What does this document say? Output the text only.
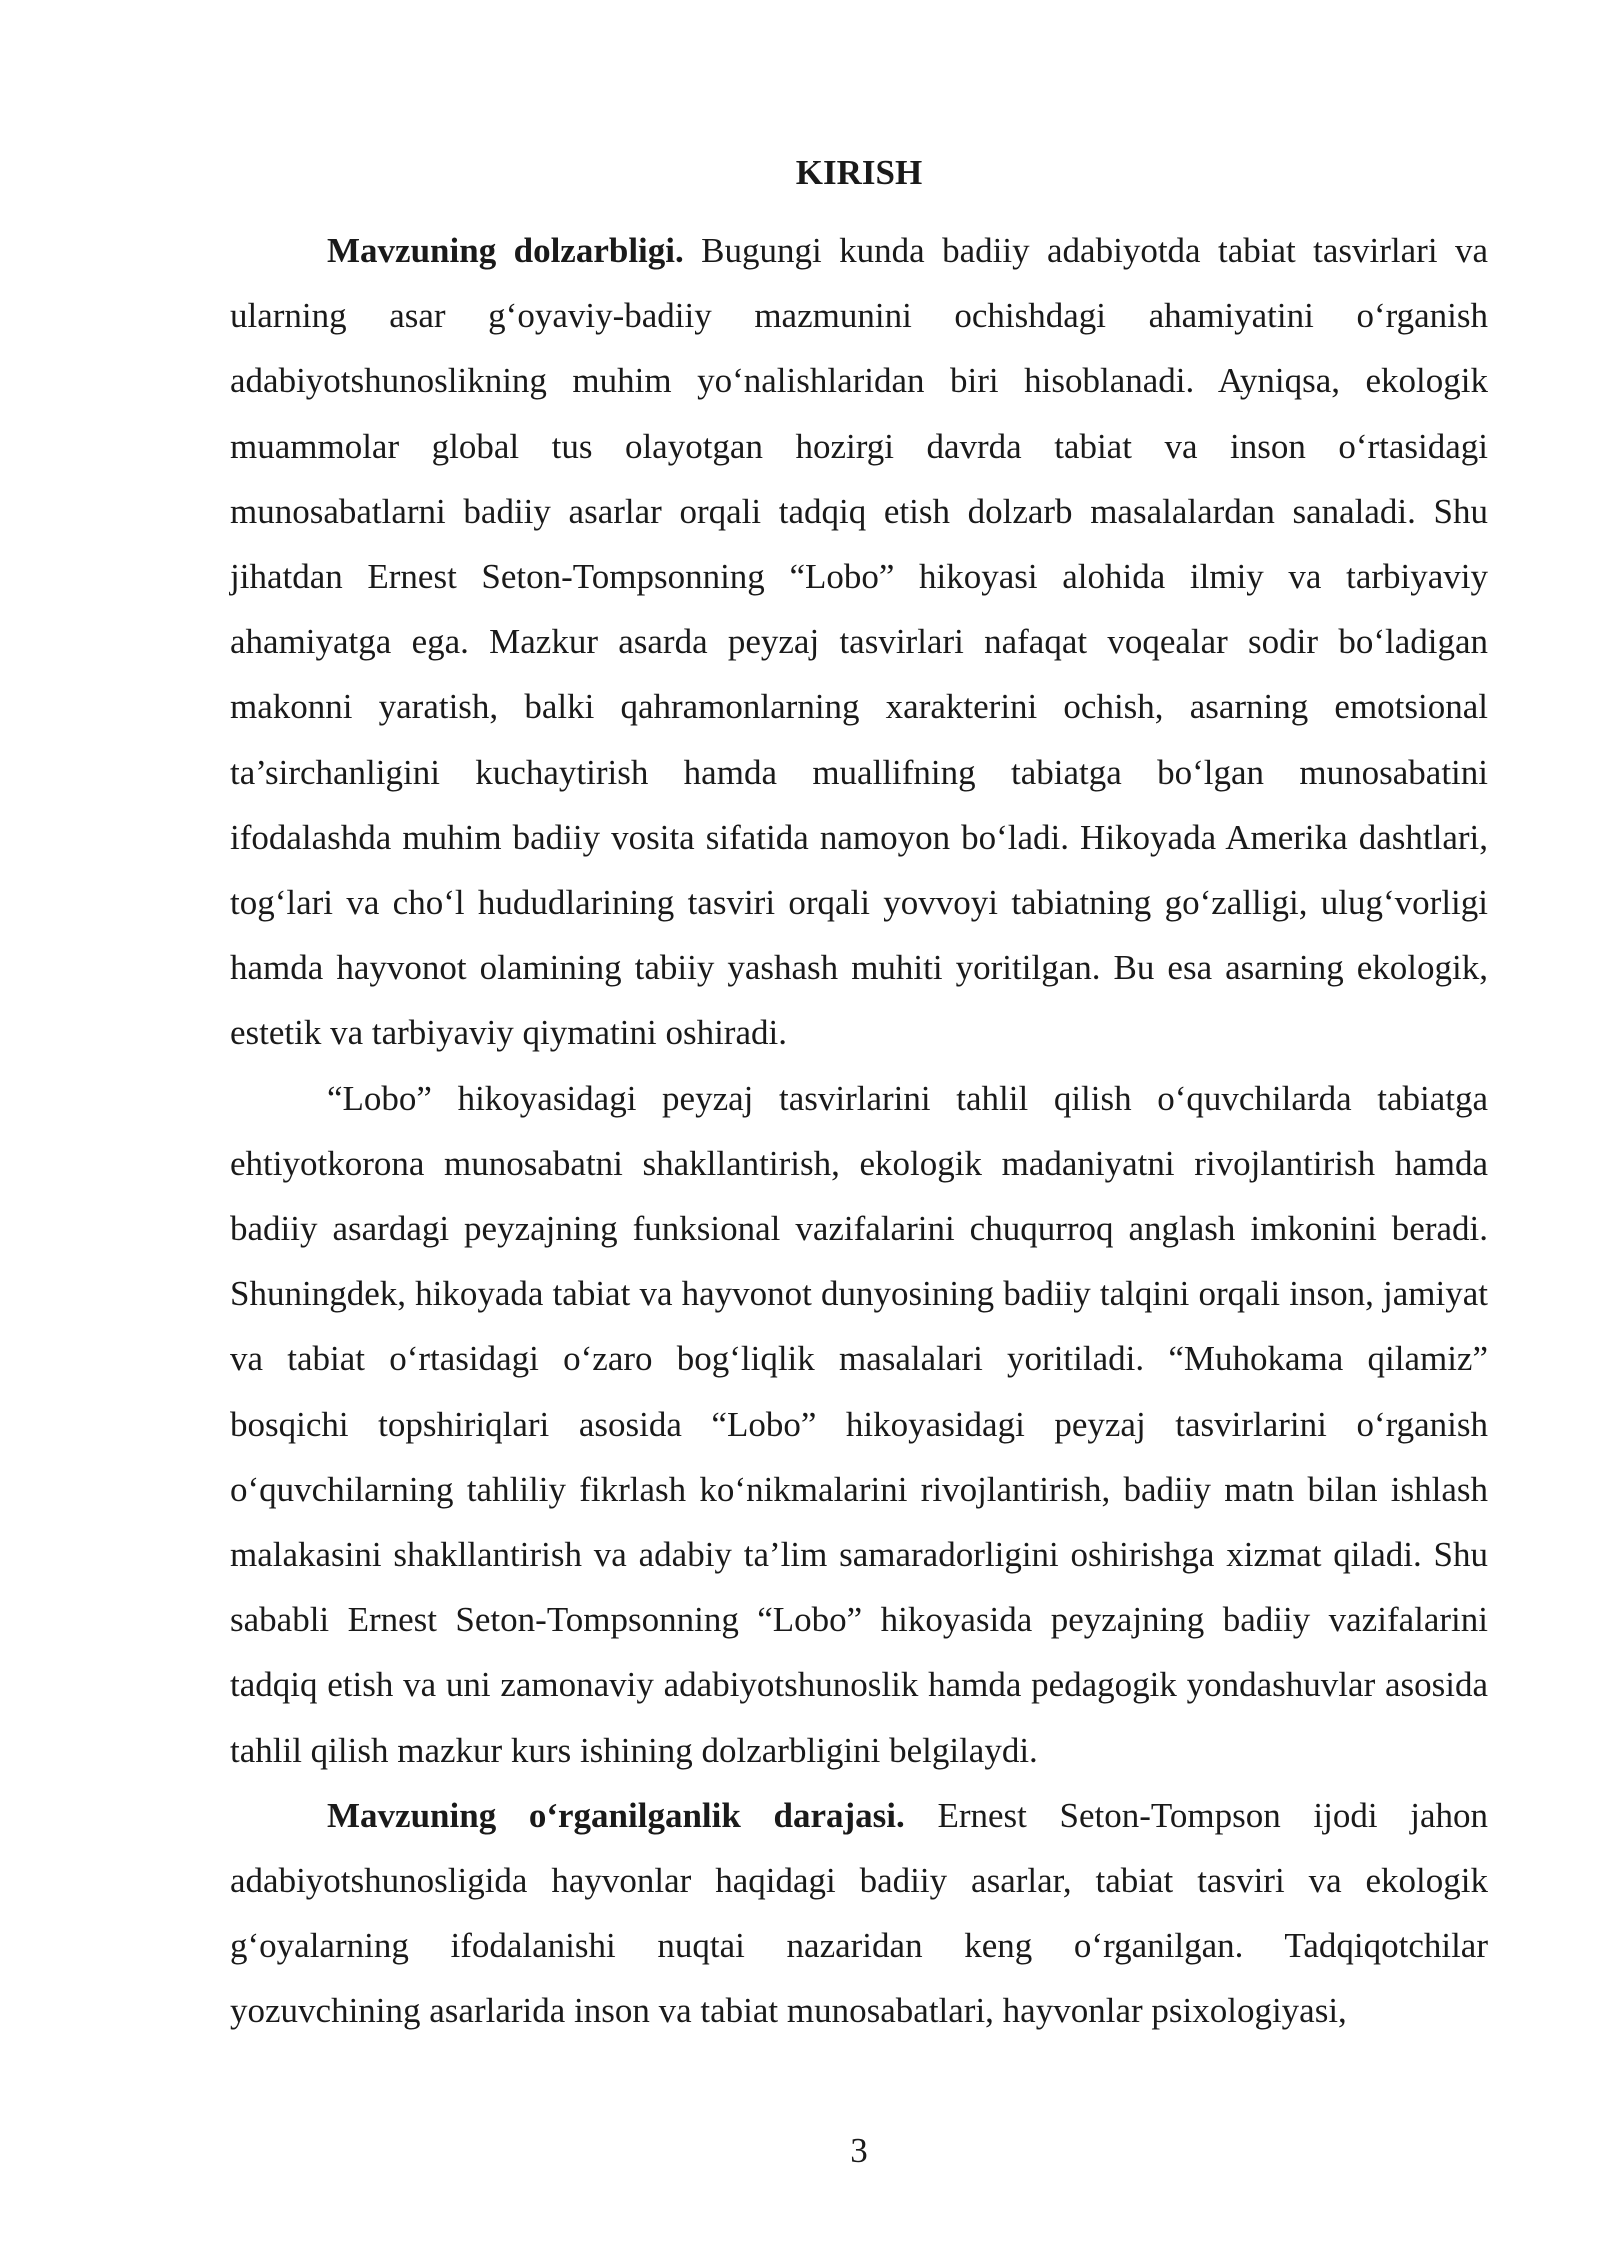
KIRISH

Mavzuning dolzarbligi. Bugungi kunda badiiy adabiyotda tabiat tasvirlari va ularning asar g‘oyaviy-badiiy mazmunini ochishdagi ahamiyatini o‘rganish adabiyotshunoslikning muhim yo‘nalishlaridan biri hisoblanadi. Ayniqsa, ekologik muammolar global tus olayotgan hozirgi davrda tabiat va inson o‘rtasidagi munosabatlarni badiiy asarlar orqali tadqiq etish dolzarb masalalardan sanaladi. Shu jihatdan Ernest Seton-Tompsonning “Lobo” hikoyasi alohida ilmiy va tarbiyaviy ahamiyatga ega. Mazkur asarda peyzaj tasvirlari nafaqat voqealar sodir bo‘ladigan makonni yaratish, balki qahramonlarning xarakterini ochish, asarning emotsional ta’sirchanligini kuchaytirish hamda muallifning tabiatga bo‘lgan munosabatini ifodalashda muhim badiiy vosita sifatida namoyon bo‘ladi. Hikoyada Amerika dashtlari, tog‘lari va cho‘l hududlarining tasviri orqali yovvoyi tabiatning go‘zalligi, ulug‘vorligi hamda hayvonot olamining tabiiy yashash muhiti yoritilgan. Bu esa asarning ekologik, estetik va tarbiyaviy qiymatini oshiradi.

“Lobo” hikoyasidagi peyzaj tasvirlarini tahlil qilish o‘quvchilarda tabiatga ehtiyotkorona munosabatni shakllantirish, ekologik madaniyatni rivojlantirish hamda badiiy asardagi peyzajning funksional vazifalarini chuqurroq anglash imkonini beradi. Shuningdek, hikoyada tabiat va hayvonot dunyosining badiiy talqini orqali inson, jamiyat va tabiat o‘rtasidagi o‘zaro bog‘liqlik masalalari yoritiladi. “Muhokama qilamiz” bosqichi topshiriqlari asosida “Lobo” hikoyasidagi peyzaj tasvirlarini o‘rganish o‘quvchilarning tahliliy fikrlash ko‘nikmalarini rivojlantirish, badiiy matn bilan ishlash malakasini shakllantirish va adabiy ta’lim samaradorligini oshirishga xizmat qiladi. Shu sababli Ernest Seton-Tompsonning “Lobo” hikoyasida peyzajning badiiy vazifalarini tadqiq etish va uni zamonaviy adabiyotshunoslik hamda pedagogik yondashuvlar asosida tahlil qilish mazkur kurs ishining dolzarbligini belgilaydi.

Mavzuning o‘rganilganlik darajasi. Ernest Seton-Tompson ijodi jahon adabiyotshunosligida hayvonlar haqidagi badiiy asarlar, tabiat tasviri va ekologik g‘oyalarning ifodalanishi nuqtai nazaridan keng o‘rganilgan. Tadqiqotchilar yozuvchining asarlarida inson va tabiat munosabatlari, hayvonlar psixologiyasi,

3
